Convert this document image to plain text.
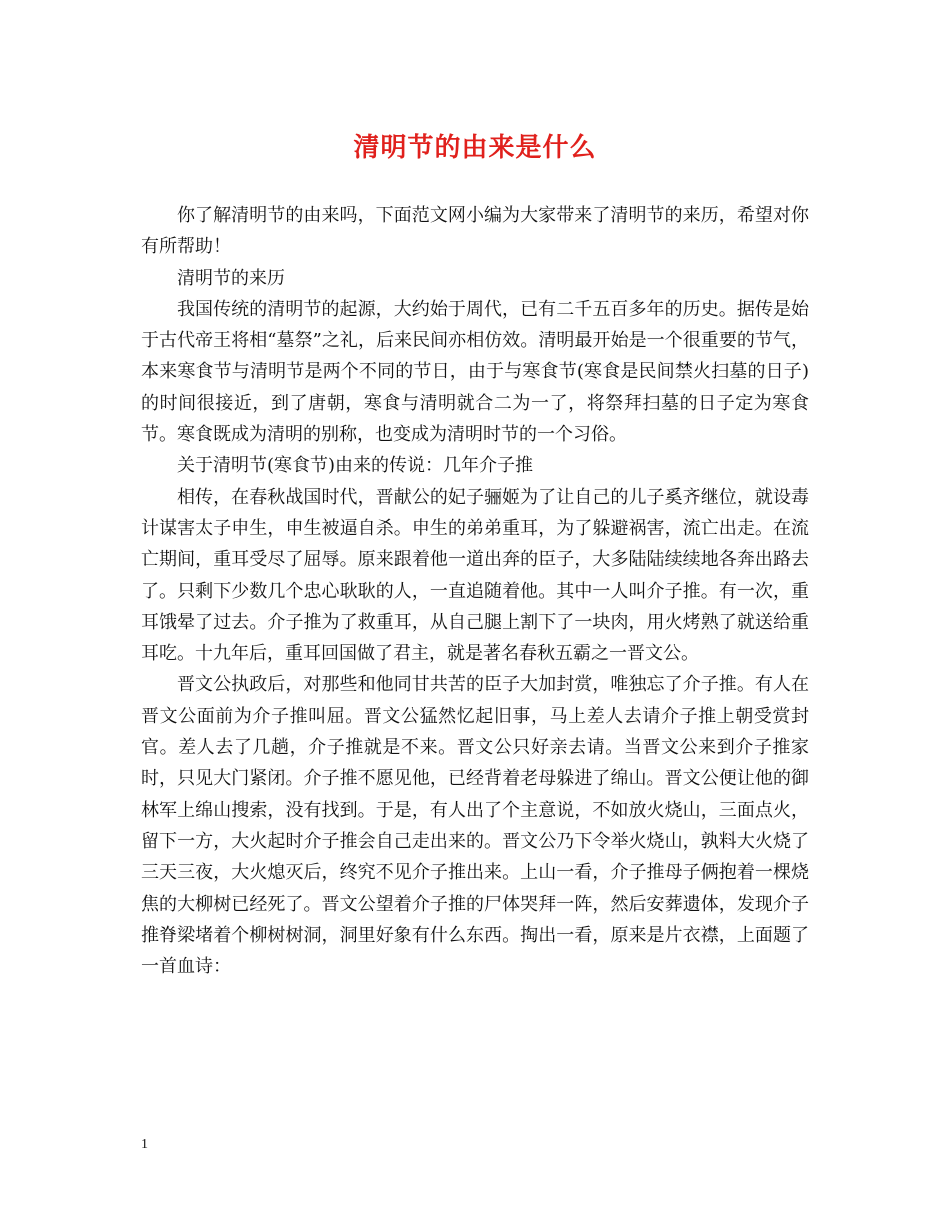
清明节的由来是什么

你了解清明节的由来吗，下面范文网小编为大家带来了清明节的来历，希望对你有所帮助！

清明节的来历

我国传统的清明节的起源，大约始于周代，已有二千五百多年的历史。据传是始于古代帝王将相“墓祭”之礼，后来民间亦相仿效。清明最开始是一个很重要的节气，本来寒食节与清明节是两个不同的节日，由于与寒食节(寒食是民间禁火扫墓的日子)的时间很接近，到了唐朝，寒食与清明就合二为一了，将祭拜扫墓的日子定为寒食节。寒食既成为清明的别称，也变成为清明时节的一个习俗。

关于清明节(寒食节)由来的传说：几年介子推

相传，在春秋战国时代，晋献公的妃子骊姬为了让自己的儿子奚齐继位，就设毒计谋害太子申生，申生被逼自杀。申生的弟弟重耳，为了躲避祸害，流亡出走。在流亡期间，重耳受尽了屈辱。原来跟着他一道出奔的臣子，大多陆陆续续地各奔出路去了。只剩下少数几个忠心耿耿的人，一直追随着他。其中一人叫介子推。有一次，重耳饿晕了过去。介子推为了救重耳，从自己腿上割下了一块肉，用火烤熟了就送给重耳吃。十九年后，重耳回国做了君主，就是著名春秋五霸之一晋文公。

晋文公执政后，对那些和他同甘共苦的臣子大加封赏，唯独忘了介子推。有人在晋文公面前为介子推叫屈。晋文公猛然忆起旧事，马上差人去请介子推上朝受赏封官。差人去了几趟，介子推就是不来。晋文公只好亲去请。当晋文公来到介子推家时，只见大门紧闭。介子推不愿见他，已经背着老母躲进了绵山。晋文公便让他的御林军上绵山搜索，没有找到。于是，有人出了个主意说，不如放火烧山，三面点火，留下一方，大火起时介子推会自己走出来的。晋文公乃下令举火烧山，孰料大火烧了三天三夜，大火熄灭后，终究不见介子推出来。上山一看，介子推母子俩抱着一棵烧焦的大柳树已经死了。晋文公望着介子推的尸体哭拜一阵，然后安葬遗体，发现介子推脊梁堵着个柳树树洞，洞里好象有什么东西。掏出一看，原来是片衣襟，上面题了一首血诗：

1
